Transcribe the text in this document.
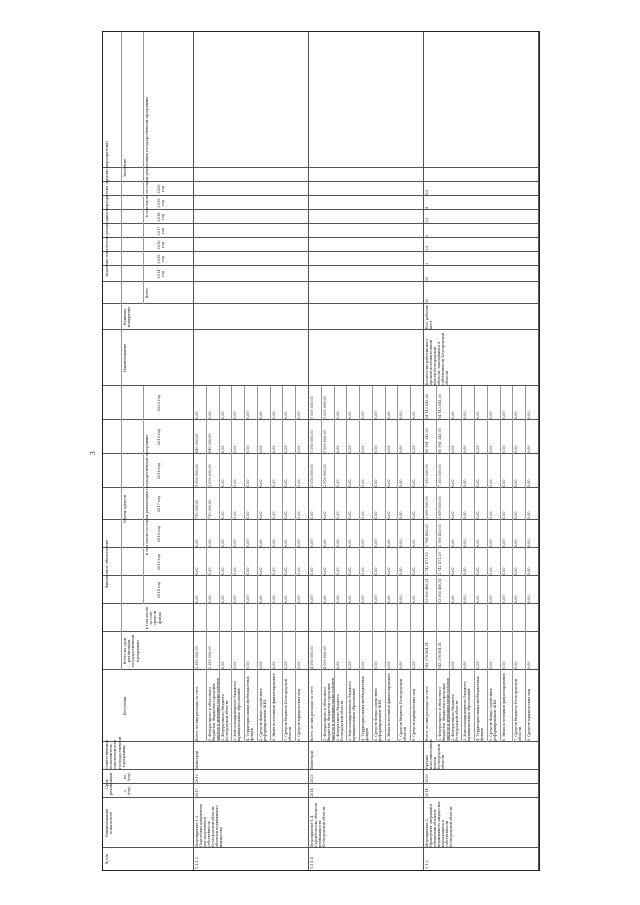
3
№ п/п
Наименование показателя
Срок реализации	с (год)
по (год)
Ответственный исполнитель, соисполнители государственной программы
Финансовое обеспечение
Источник
Всего на срок реализации государственной программы
Объем средств	в том числе по годам реализации государственной программы
в том числе за счет средств фонда
2014 год
2015 год
2016 год
2017 год
2018 год
2019 год
2020 год
Значения показателя реализации мероприятия (группы мероприятий)
Наименование
Единица измерения
Значение
Всего
в том числе по годам реализации государственной программы
2014 год
2015 год
2016 год
2017 год
2018 год
2019 год
2020 год
1.1.1.3
Мероприятие 1.3. Подготовка документов для получения в собственность Белгородской области объектов недвижимого имущества
2017
2019
Минстрой
Всего, из них расходы за счет:
2 350 000,00
0,00
0,00
0,00
710 000,00
1 000 000,00
640 000,00
0,00
1. Федерального и областного бюджетов, бюджетов городских округов и муниципальных районов
2 350 000,00
0,00
0,00
0,00
710 000,00
1 000 000,00
640 000,00
0,00
2. Федерального бюджета Белгородской области
0,00
0,00
0,00
0,00
0,00
0,00
0,00
0,00
3. Консолидированного бюджета муниципальных образований
0,00
0,00
0,00
0,00
0,00
0,00
0,00
0,00
4. Территориальных внебюджетных фондов
0,00
0,00
0,00
0,00
0,00
0,00
0,00
0,00
5. Средств Фонда содействия реформированию ЖКХ
0,00
0,00
0,00
0,00
0,00
0,00
0,00
0,00
6. Иных источников финансирования
0,00
0,00
0,00
0,00
0,00
0,00
0,00
0,00
7. Средств бюджета Белгородской области
0,00
0,00
0,00
0,00
0,00
0,00
0,00
0,00
8. Средств юридических лиц
0,00
0,00
0,00
0,00
0,00
0,00
0,00
0,00
1.1.1.4
Мероприятие 1.4. Строительство объектов недвижимости Белгородской области
2014
2020
Минстрой
Всего, из них расходы за счет:
4 000 000,00
0,00
0,00
0,00
0,00
2 000 000,00
1 000 000,00
1 000 000,00
1. Федерального и областного бюджетов, бюджетов городских округов и муниципальных районов
4 000 000,00
0,00
0,00
0,00
0,00
2 000 000,00
1 000 000,00
1 000 000,00
2. Федерального бюджета Белгородской области
0,00
0,00
0,00
0,00
0,00
0,00
0,00
0,00
3. Консолидированного бюджета муниципальных образований
0,00
0,00
0,00
0,00
0,00
0,00
0,00
0,00
4. Территориальных внебюджетных фондов
0,00
0,00
0,00
0,00
0,00
0,00
0,00
0,00
5. Средств Фонда содействия реформированию ЖКХ
0,00
0,00
0,00
0,00
0,00
0,00
0,00
0,00
6. Иных источников финансирования
0,00
0,00
0,00
0,00
0,00
0,00
0,00
0,00
7. Средств бюджета Белгородской области
0,00
0,00
0,00
0,00
0,00
0,00
0,00
0,00
8. Средств юридических лиц
0,00
0,00
0,00
0,00
0,00
0,00
0,00
0,00
1.1.2
Мероприятие 2. Проведение операций в отношении объектов недвижимого имущества, находящихся в собственности Белгородской области
2014
2020
Органы исполнительной власти Белгородской области
Всего, из них расходы за счет:
145 376 864,51
13 560 486,51
2 742 471,29
2 766 403,00
3 899 000,00
7 393 000,00
60 961 343,00
54 143 843,00
1. Федерального и областного бюджетов, бюджетов городских округов и муниципальных районов
145 376 864,51
13 560 486,51
2 742 471,29
2 766 403,00
3 899 000,00
7 393 000,00
60 961 343,00
54 143 843,00
2. Федерального бюджета Белгородской области
0,00
0,00
0,00
0,00
0,00
0,00
0,00
0,00
3. Консолидированного бюджета муниципальных образований
0,00
0,00
0,00
0,00
0,00
0,00
0,00
0,00
4. Территориальных внебюджетных фондов
0,00
0,00
0,00
0,00
0,00
0,00
0,00
0,00
5. Средств Фонда содействия реформированию ЖКХ
0,00
0,00
0,00
0,00
0,00
0,00
0,00
0,00
6. Иных источников финансирования
0,00
0,00
0,00
0,00
0,00
0,00
0,00
0,00
7. Средств бюджета Белгородской области
0,00
0,00
0,00
0,00
0,00
0,00
0,00
0,00
8. Средств юридических лиц
0,00
0,00
0,00
0,00
0,00
0,00
0,00
0,00
Количество рабочих мест органов исполнительной власти Белгородской области, находящихся в собственности Белгородской области
Кол. рабочих мест
20
10
3
3,5
3
3,5
4
6,5
